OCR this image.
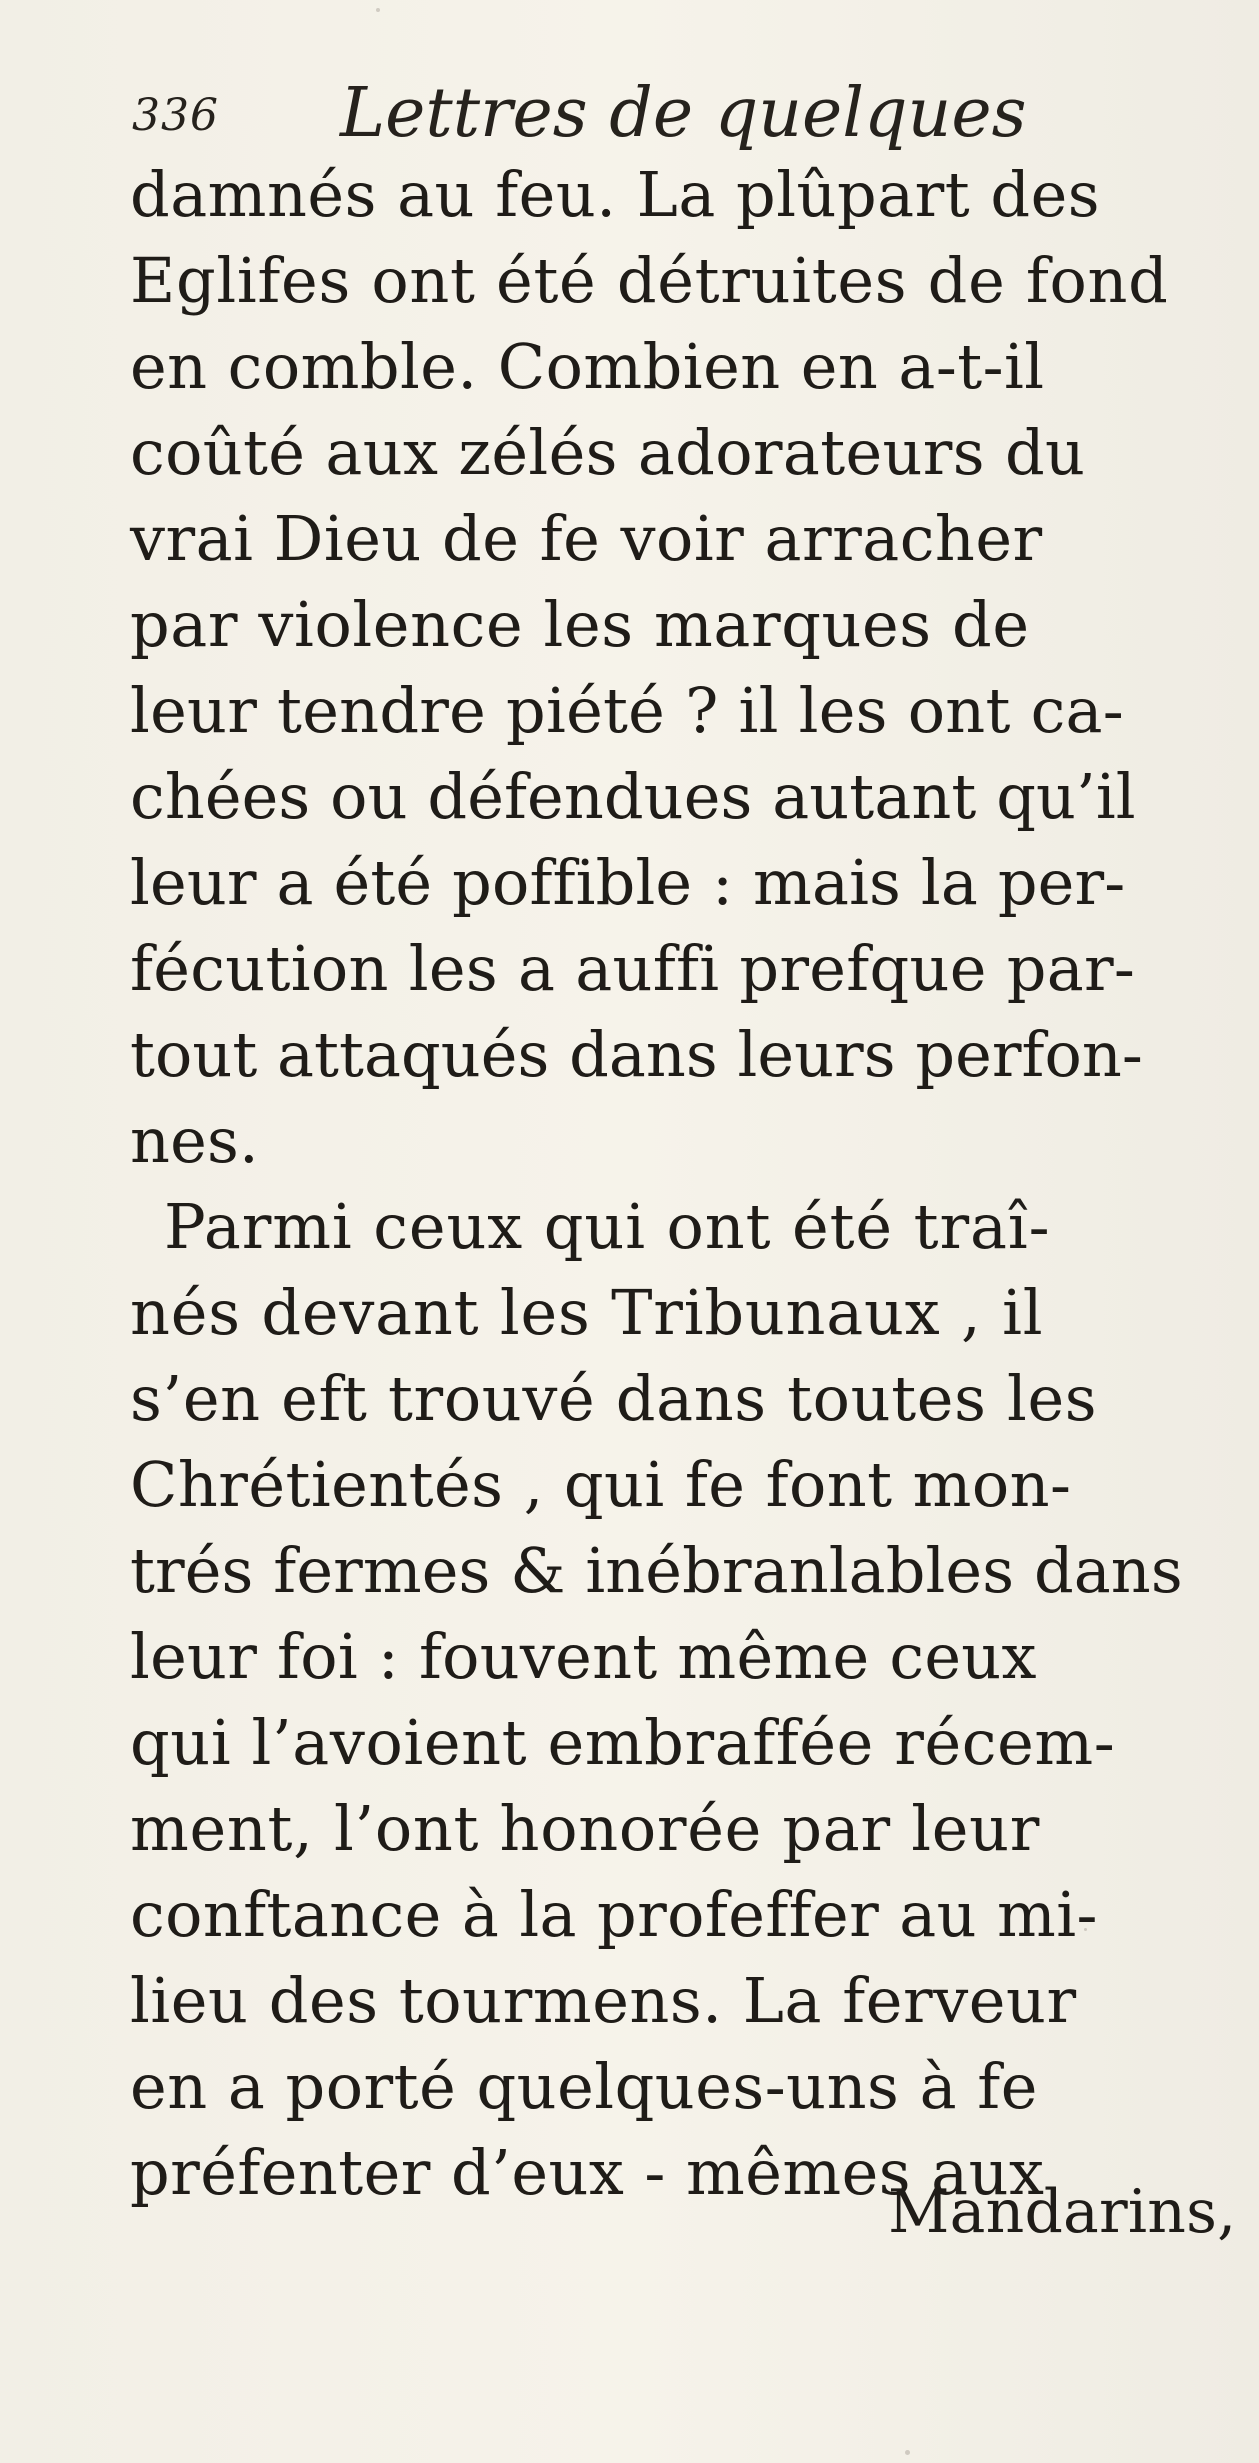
336 Lettres de quelques
damnés au feu. La plûpart des
Eglifes ont été détruites de fond
en comble. Combien en a-t-il
coûté aux zélés adorateurs du
vrai Dieu de fe voir arracher
par violence les marques de
leur tendre piété ? il les ont ca-
chées ou défendues autant qu’il
leur a été poffible : mais la per-
fécution les a auffi prefque par-
tout attaqués dans leurs perfon-
nes.
Parmi ceux qui ont été traî-
nés devant les Tribunaux , il
s’en eft trouvé dans toutes les
Chrétientés , qui fe font mon-
trés fermes & inébranlables dans
leur foi : fouvent même ceux
qui l’avoient embraffée récem-
ment, l’ont honorée par leur
conftance à la profeffer au mi-
lieu des tourmens. La ferveur
en a porté quelques-uns à fe
préfenter d’eux - mêmes aux
Mandarins,
